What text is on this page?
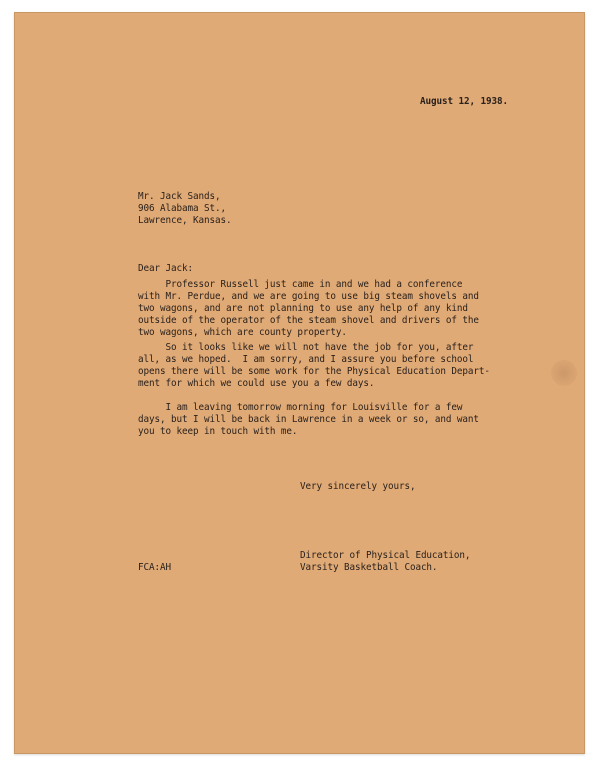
August 12, 1938.
Mr. Jack Sands,
906 Alabama St.,
Lawrence, Kansas.
Dear Jack:

Professor Russell just came in and we had a conference

with Mr. Perdue, and we are going to use big steam shovels and

two wagons, and are not planning to use any help of any kind

outside of the operator of the steam shovel and drivers of the

two wagons, which are county property.

So it looks like we will not have the job for you, after

all, as we hoped.  I am sorry, and I assure you before school

opens there will be some work for the Physical Education Depart-

ment for which we could use you a few days.

I am leaving tomorrow morning for Louisville for a few

days, but I will be back in Lawrence in a week or so, and want

you to keep in touch with me.

Very sincerely yours,
Director of Physical Education,
Varsity Basketball Coach.
FCA:AH
